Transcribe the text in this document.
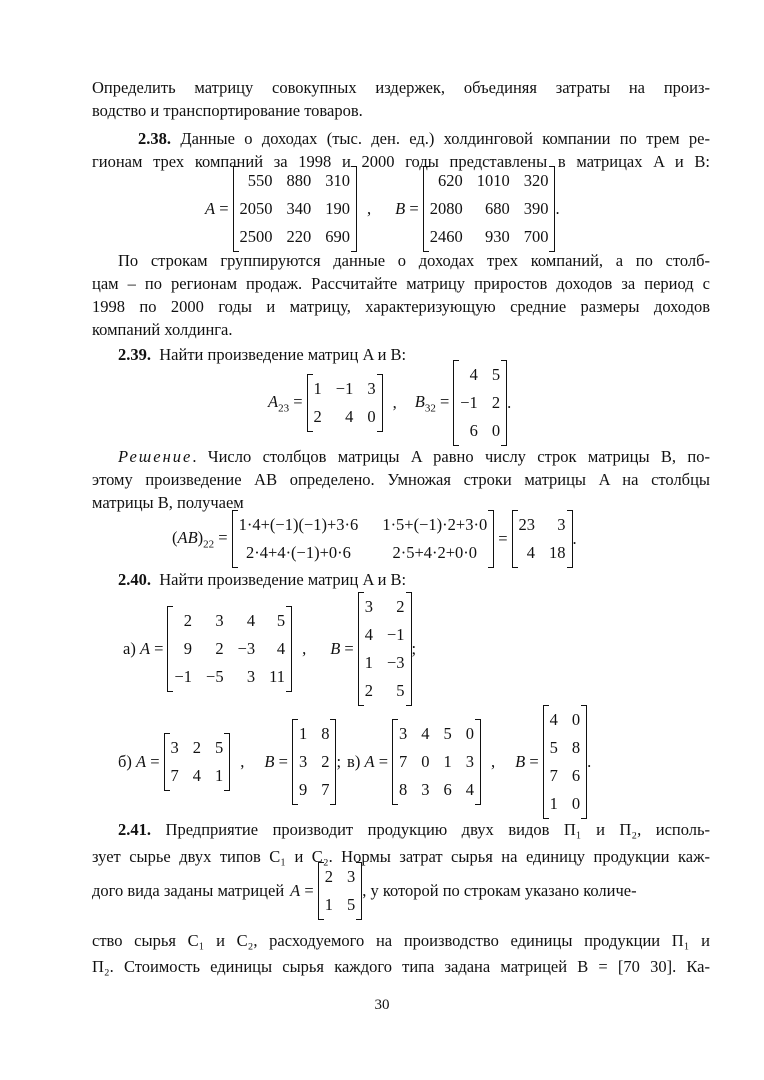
Определить матрицу совокупных издержек, объединяя затраты на произ-
водство и транспортирование товаров.
2.38. Данные о доходах (тыс. ден. ед.) холдинговой компании по трем ре-
гионам трех компаний за 1998 и 2000 годы представлены в матрицах A и B:
A =
550 880 310
2050 340 190
2500 220 690
, B =
620 1010 320
2080	680 390
2460	930 700
.
По строкам группируются данные о доходах трех компаний, а по столб-
цам – по регионам продаж. Рассчитайте матрицу приростов доходов за период с
1998 по 2000 годы и матрицу, характеризующую средние размеры доходов
компаний холдинга.
2.39. Найти произведение матриц A и B:
$A_{23}$ =
1 −1 3
2	4 0
, $B_{32}$ =
4 5
−1 2
6 0
.
Решение. Число столбцов матрицы A равно числу строк матрицы B, по-
этому произведение AB определено. Умножая строки матрицы A на столбцы
матрицы B, получаем
$(AB)_{22}$ =
1·4+(−1)(−1)+3·6 1·5+(−1)·2+3·0
2·4+4·(−1)+0·6	2·5+4·2+0·0
=
23	3
4 18
.
2.40. Найти произведение матриц A и B:
а) A =
2	3	4	5
9	2 −3	4
−1 −5	3 11
, B =
3	2
4 −1
1 −3
2	5
;
б) A =
3 2 5
7 4 1
, B =
1 8
3 2
9 7
; в) A =
3 4 5 0
7 0 1 3
8 3 6 4
, B =
4 0
5 8
7 6
1 0
.
2.41. Предприятие производит продукцию двух видов П₁ и П₂, исполь-
зует сырье двух типов C₁ и C₂. Нормы затрат сырья на единицу продукции каж-
дого вида заданы матрицей A =
2 3
1 5
, у которой по строкам указано количе-
ство сырья C₁ и C₂, расходуемого на производство единицы продукции П₁ и
П₂. Стоимость единицы сырья каждого типа задана матрицей B = [70 30]. Ка-
30
